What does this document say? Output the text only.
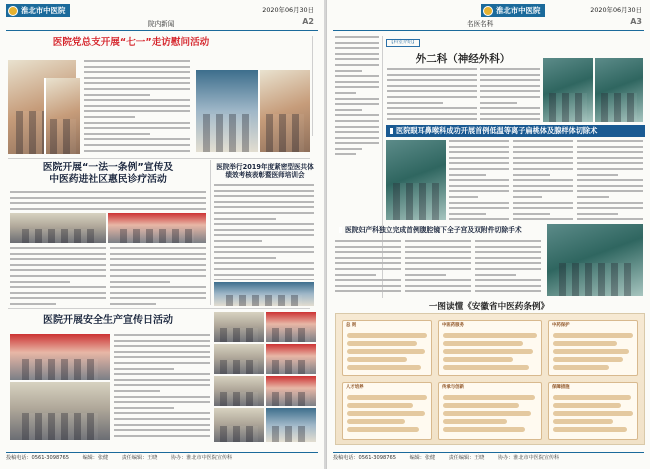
淮北市中医院	2020年06月30日
院内新闻	A2
医院党总支开展“七一”走访慰问活动
医院开展“一法一条例”宣传及
中医药进社区惠民诊疗活动
医院举行2019年度紧密型医共体
绩效考核表彰暨医师培训会
医院开展安全生产宣传日活动
投稿电话：0561-3098765	编辑：张健	责任编辑：王晓	协办：淮北市中医院宣传科
淮北市中医院	2020年06月30日
名医名科	A3
【科室介绍】
外二科（神经外科）
医院眼耳鼻喉科成功开展首例低温等离子扁桃体及腺样体切除术
医院妇产科独立完成首例腹腔镜下全子宫及双附件切除手术
一图读懂《安徽省中医药条例》
总 则	中医药服务	中药保护
人才培养	传承与创新	保障措施
投稿电话：0561-3098765	编辑：张健	责任编辑：王晓	协办：淮北市中医院宣传科
